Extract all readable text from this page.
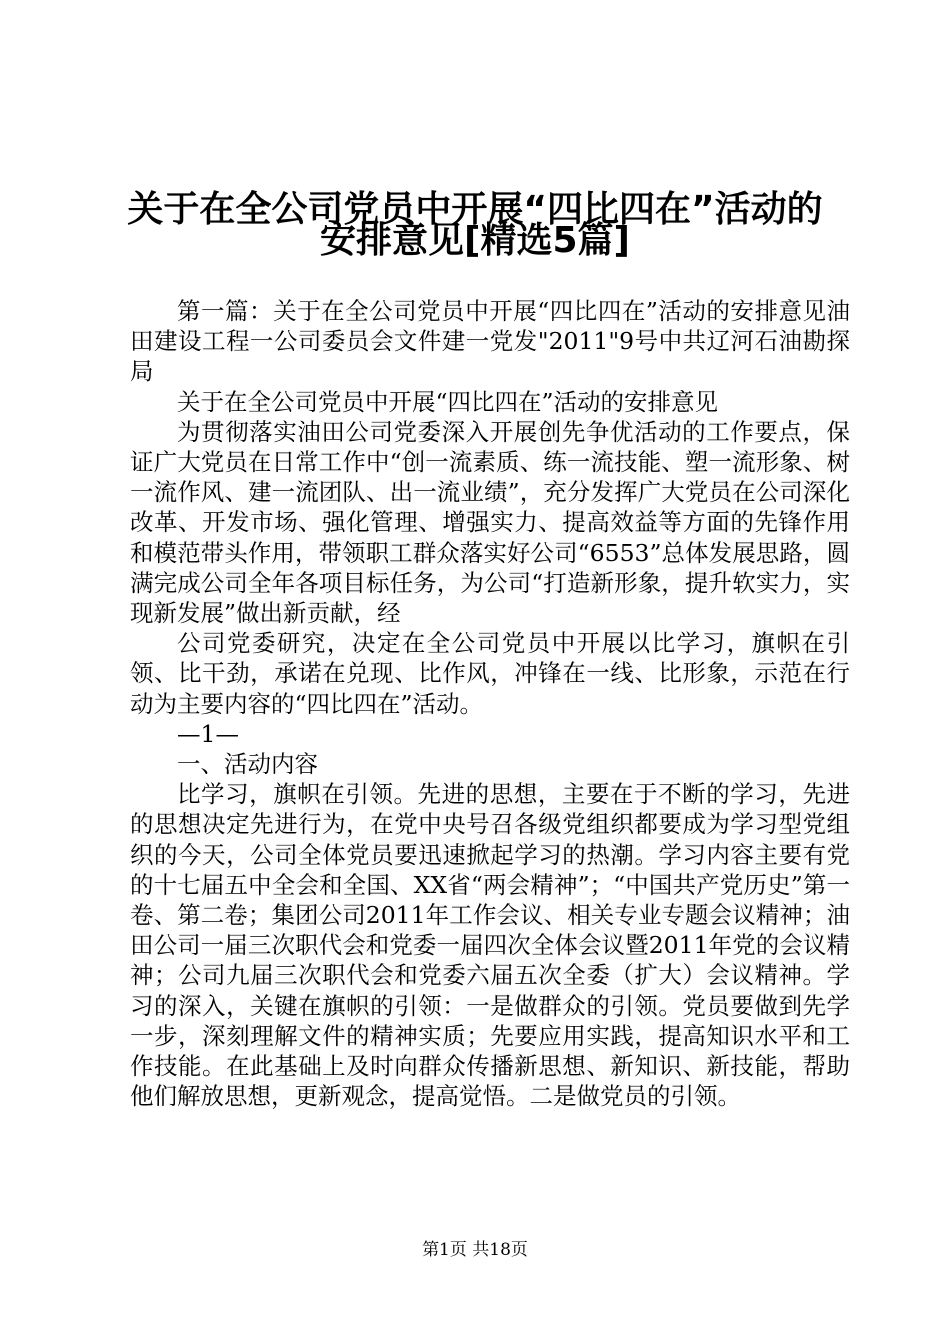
关于在全公司党员中开展“四比四在”活动的
安排意见[精选5篇]

第一篇：关于在全公司党员中开展“四比四在”活动的安排意见油田建设工程一公司委员会文件建一党发"2011"9号中共辽河石油勘探局

关于在全公司党员中开展“四比四在”活动的安排意见

为贯彻落实油田公司党委深入开展创先争优活动的工作要点，保证广大党员在日常工作中“创一流素质、练一流技能、塑一流形象、树一流作风、建一流团队、出一流业绩”，充分发挥广大党员在公司深化改革、开发市场、强化管理、增强实力、提高效益等方面的先锋作用和模范带头作用，带领职工群众落实好公司“6553”总体发展思路，圆满完成公司全年各项目标任务，为公司“打造新形象，提升软实力，实现新发展”做出新贡献，经

公司党委研究，决定在全公司党员中开展以比学习，旗帜在引领、比干劲，承诺在兑现、比作风，冲锋在一线、比形象，示范在行动为主要内容的“四比四在”活动。

—1—

一、活动内容

比学习，旗帜在引领。先进的思想，主要在于不断的学习，先进的思想决定先进行为，在党中央号召各级党组织都要成为学习型党组织的今天，公司全体党员要迅速掀起学习的热潮。学习内容主要有党的十七届五中全会和全国、XX省“两会精神”；“中国共产党历史”第一卷、第二卷；集团公司2011年工作会议、相关专业专题会议精神；油田公司一届三次职代会和党委一届四次全体会议暨2011年党的会议精神；公司九届三次职代会和党委六届五次全委（扩大）会议精神。学习的深入，关键在旗帜的引领：一是做群众的引领。党员要做到先学一步，深刻理解文件的精神实质；先要应用实践，提高知识水平和工作技能。在此基础上及时向群众传播新思想、新知识、新技能，帮助他们解放思想，更新观念，提高觉悟。二是做党员的引领。

第1页 共18页
